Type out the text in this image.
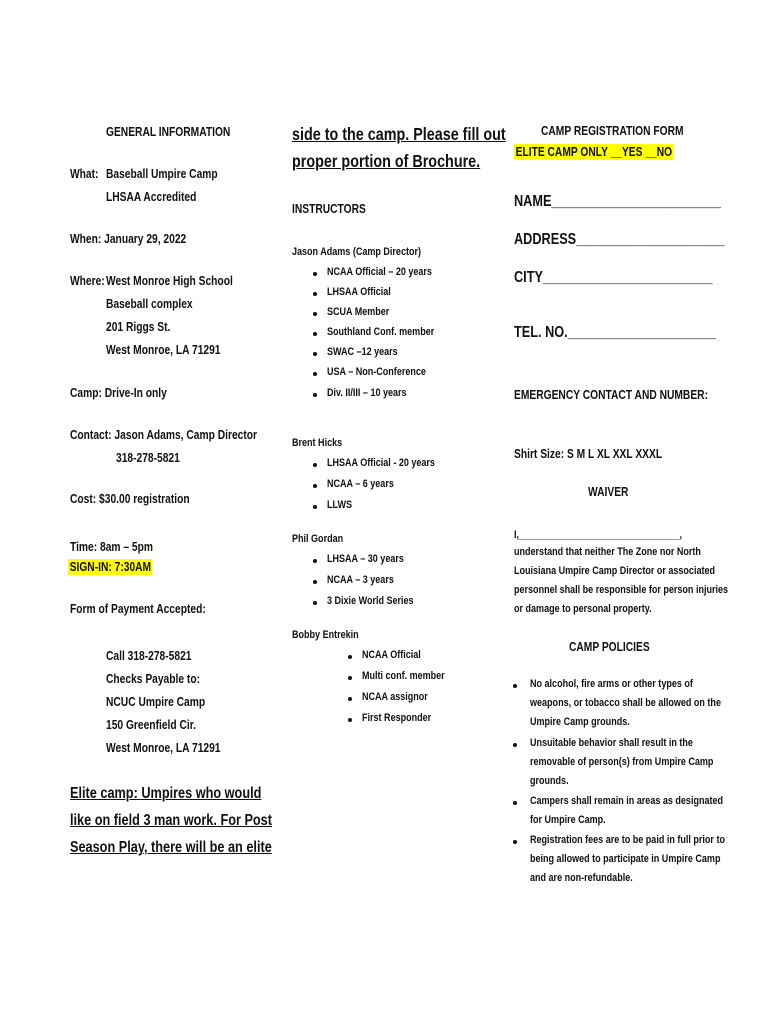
GENERAL INFORMATION
What: Baseball Umpire Camp
LHSAA Accredited
When: January 29, 2022
Where: West Monroe High School
Baseball complex
201 Riggs St.
West Monroe, LA 71291
Camp: Drive-In only
Contact: Jason Adams, Camp Director
318-278-5821
Cost: $30.00 registration
Time: 8am – 5pm
SIGN-IN: 7:30AM
Form of Payment Accepted:
Call 318-278-5821
Checks Payable to:
NCUC Umpire Camp
150 Greenfield Cir.
West Monroe, LA 71291
Elite camp: Umpires who would
like on field 3 man work. For Post
Season Play, there will be an elite
side to the camp. Please fill out
proper portion of Brochure.
INSTRUCTORS
Jason Adams (Camp Director)
NCAA Official – 20 years
LHSAA Official
SCUA Member
Southland Conf. member
SWAC –12 years
USA – Non-Conference
Div. II/III – 10 years
Brent Hicks
LHSAA Official - 20 years
NCAA – 6 years
LLWS
Phil Gordan
LHSAA – 30 years
NCAA – 3 years
3 Dixie World Series
Bobby Entrekin
NCAA Official
Multi conf. member
NCAA assignor
First Responder
CAMP REGISTRATION FORM
ELITE CAMP ONLY __YES __NO
NAME________________________
ADDRESS_____________________
CITY________________________
TEL. NO._____________________
EMERGENCY CONTACT AND NUMBER:
Shirt Size: S M L XL XXL XXXL
WAIVER
I,________________________________,
understand that neither The Zone nor North
Louisiana Umpire Camp Director or associated
personnel shall be responsible for person injuries
or damage to personal property.
CAMP POLICIES
No alcohol, fire arms or other types of
weapons, or tobacco shall be allowed on the
Umpire Camp grounds.
Unsuitable behavior shall result in the
removable of person(s) from Umpire Camp
grounds.
Campers shall remain in areas as designated
for Umpire Camp.
Registration fees are to be paid in full prior to
being allowed to participate in Umpire Camp
and are non-refundable.
